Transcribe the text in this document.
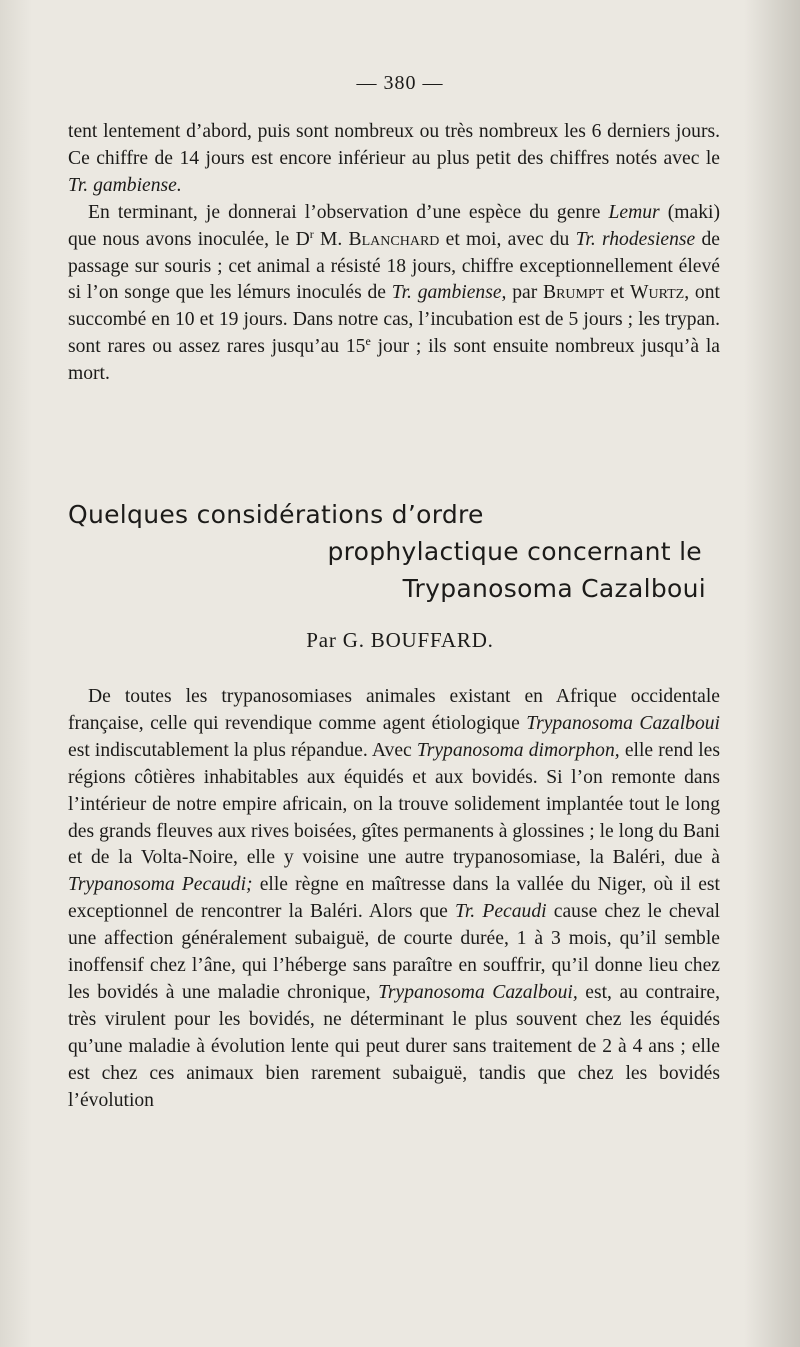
— 380 —

tent lentement d’abord, puis sont nombreux ou très nombreux les 6 derniers jours. Ce chiffre de 14 jours est encore inférieur au plus petit des chiffres notés avec le Tr. gambiense.

En terminant, je donnerai l’observation d’une espèce du genre Lemur (maki) que nous avons inoculée, le $D^r$ M. Blanchard et moi, avec du Tr. rhodesiense de passage sur souris ; cet animal a résisté 18 jours, chiffre exceptionnellement élevé si l’on songe que les lémurs inoculés de Tr. gambiense, par Brumpt et Wurtz, ont succombé en 10 et 19 jours. Dans notre cas, l’incubation est de 5 jours ; les trypan. sont rares ou assez rares jusqu’au 15e jour ; ils sont ensuite nombreux jusqu’à la mort.

Quelques considérations d’ordre
prophylactique concernant le
Trypanosoma Cazalboui
Par G. BOUFFARD.

De toutes les trypanosomiases animales existant en Afrique occidentale française, celle qui revendique comme agent étiologique Trypanosoma Cazalboui est indiscutablement la plus répandue. Avec Trypanosoma dimorphon, elle rend les régions côtières inhabitables aux équidés et aux bovidés. Si l’on remonte dans l’intérieur de notre empire africain, on la trouve solidement implantée tout le long des grands fleuves aux rives boisées, gîtes permanents à glossines ; le long du Bani et de la Volta-Noire, elle y voisine une autre trypanosomiase, la Baléri, due à Trypanosoma Pecaudi; elle règne en maîtresse dans la vallée du Niger, où il est exceptionnel de rencontrer la Baléri. Alors que Tr. Pecaudi cause chez le cheval une affection généralement subaiguë, de courte durée, 1 à 3 mois, qu’il semble inoffensif chez l’âne, qui l’héberge sans paraître en souffrir, qu’il donne lieu chez les bovidés à une maladie chronique, Trypanosoma Cazalboui, est, au contraire, très virulent pour les bovidés, ne déterminant le plus souvent chez les équidés qu’une maladie à évolution lente qui peut durer sans traitement de 2 à 4 ans ; elle est chez ces animaux bien rarement subaiguë, tandis que chez les bovidés l’évolution
